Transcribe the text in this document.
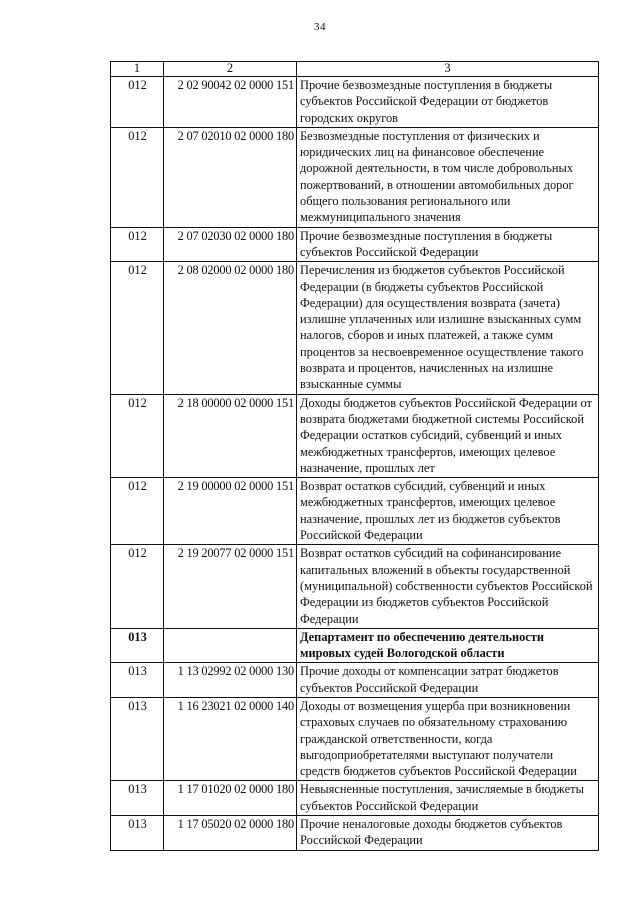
34
1	2	3
012	2 02 90042 02 0000 151	Прочие безвозмездные поступления в бюджеты субъектов Российской Федерации от бюджетов городских округов
012	2 07 02010 02 0000 180	Безвозмездные поступления от физических и юридических лиц на финансовое обеспечение дорожной деятельности, в том числе добровольных пожертвований, в отношении автомобильных дорог общего пользования регионального или межмуниципального значения
012	2 07 02030 02 0000 180	Прочие безвозмездные поступления в бюджеты субъектов Российской Федерации
012	2 08 02000 02 0000 180	Перечисления из бюджетов субъектов Российской Федерации (в бюджеты субъектов Российской Федерации) для осуществления возврата (зачета) излишне уплаченных или излишне взысканных сумм налогов, сборов и иных платежей, а также сумм процентов за несвоевременное осуществление такого возврата и процентов, начисленных на излишне взысканные суммы
012	2 18 00000 02 0000 151	Доходы бюджетов субъектов Российской Федерации от возврата бюджетами бюджетной системы Российской Федерации остатков субсидий, субвенций и иных межбюджетных трансфертов, имеющих целевое назначение, прошлых лет
012	2 19 00000 02 0000 151	Возврат остатков субсидий, субвенций и иных межбюджетных трансфертов, имеющих целевое назначение, прошлых лет из бюджетов субъектов Российской Федерации
012	2 19 20077 02 0000 151	Возврат остатков субсидий на софинансирование капитальных вложений в объекты государственной (муниципальной) собственности субъектов Российской Федерации из бюджетов субъектов Российской Федерации
013		Департамент по обеспечению деятельности мировых судей Вологодской области
013	1 13 02992 02 0000 130	Прочие доходы от компенсации затрат бюджетов субъектов Российской Федерации
013	1 16 23021 02 0000 140	Доходы от возмещения ущерба при возникновении страховых случаев по обязательному страхованию гражданской ответственности, когда выгодоприобретателями выступают получатели средств бюджетов субъектов Российской Федерации
013	1 17 01020 02 0000 180	Невыясненные поступления, зачисляемые в бюджеты субъектов Российской Федерации
013	1 17 05020 02 0000 180	Прочие неналоговые доходы бюджетов субъектов Российской Федерации
